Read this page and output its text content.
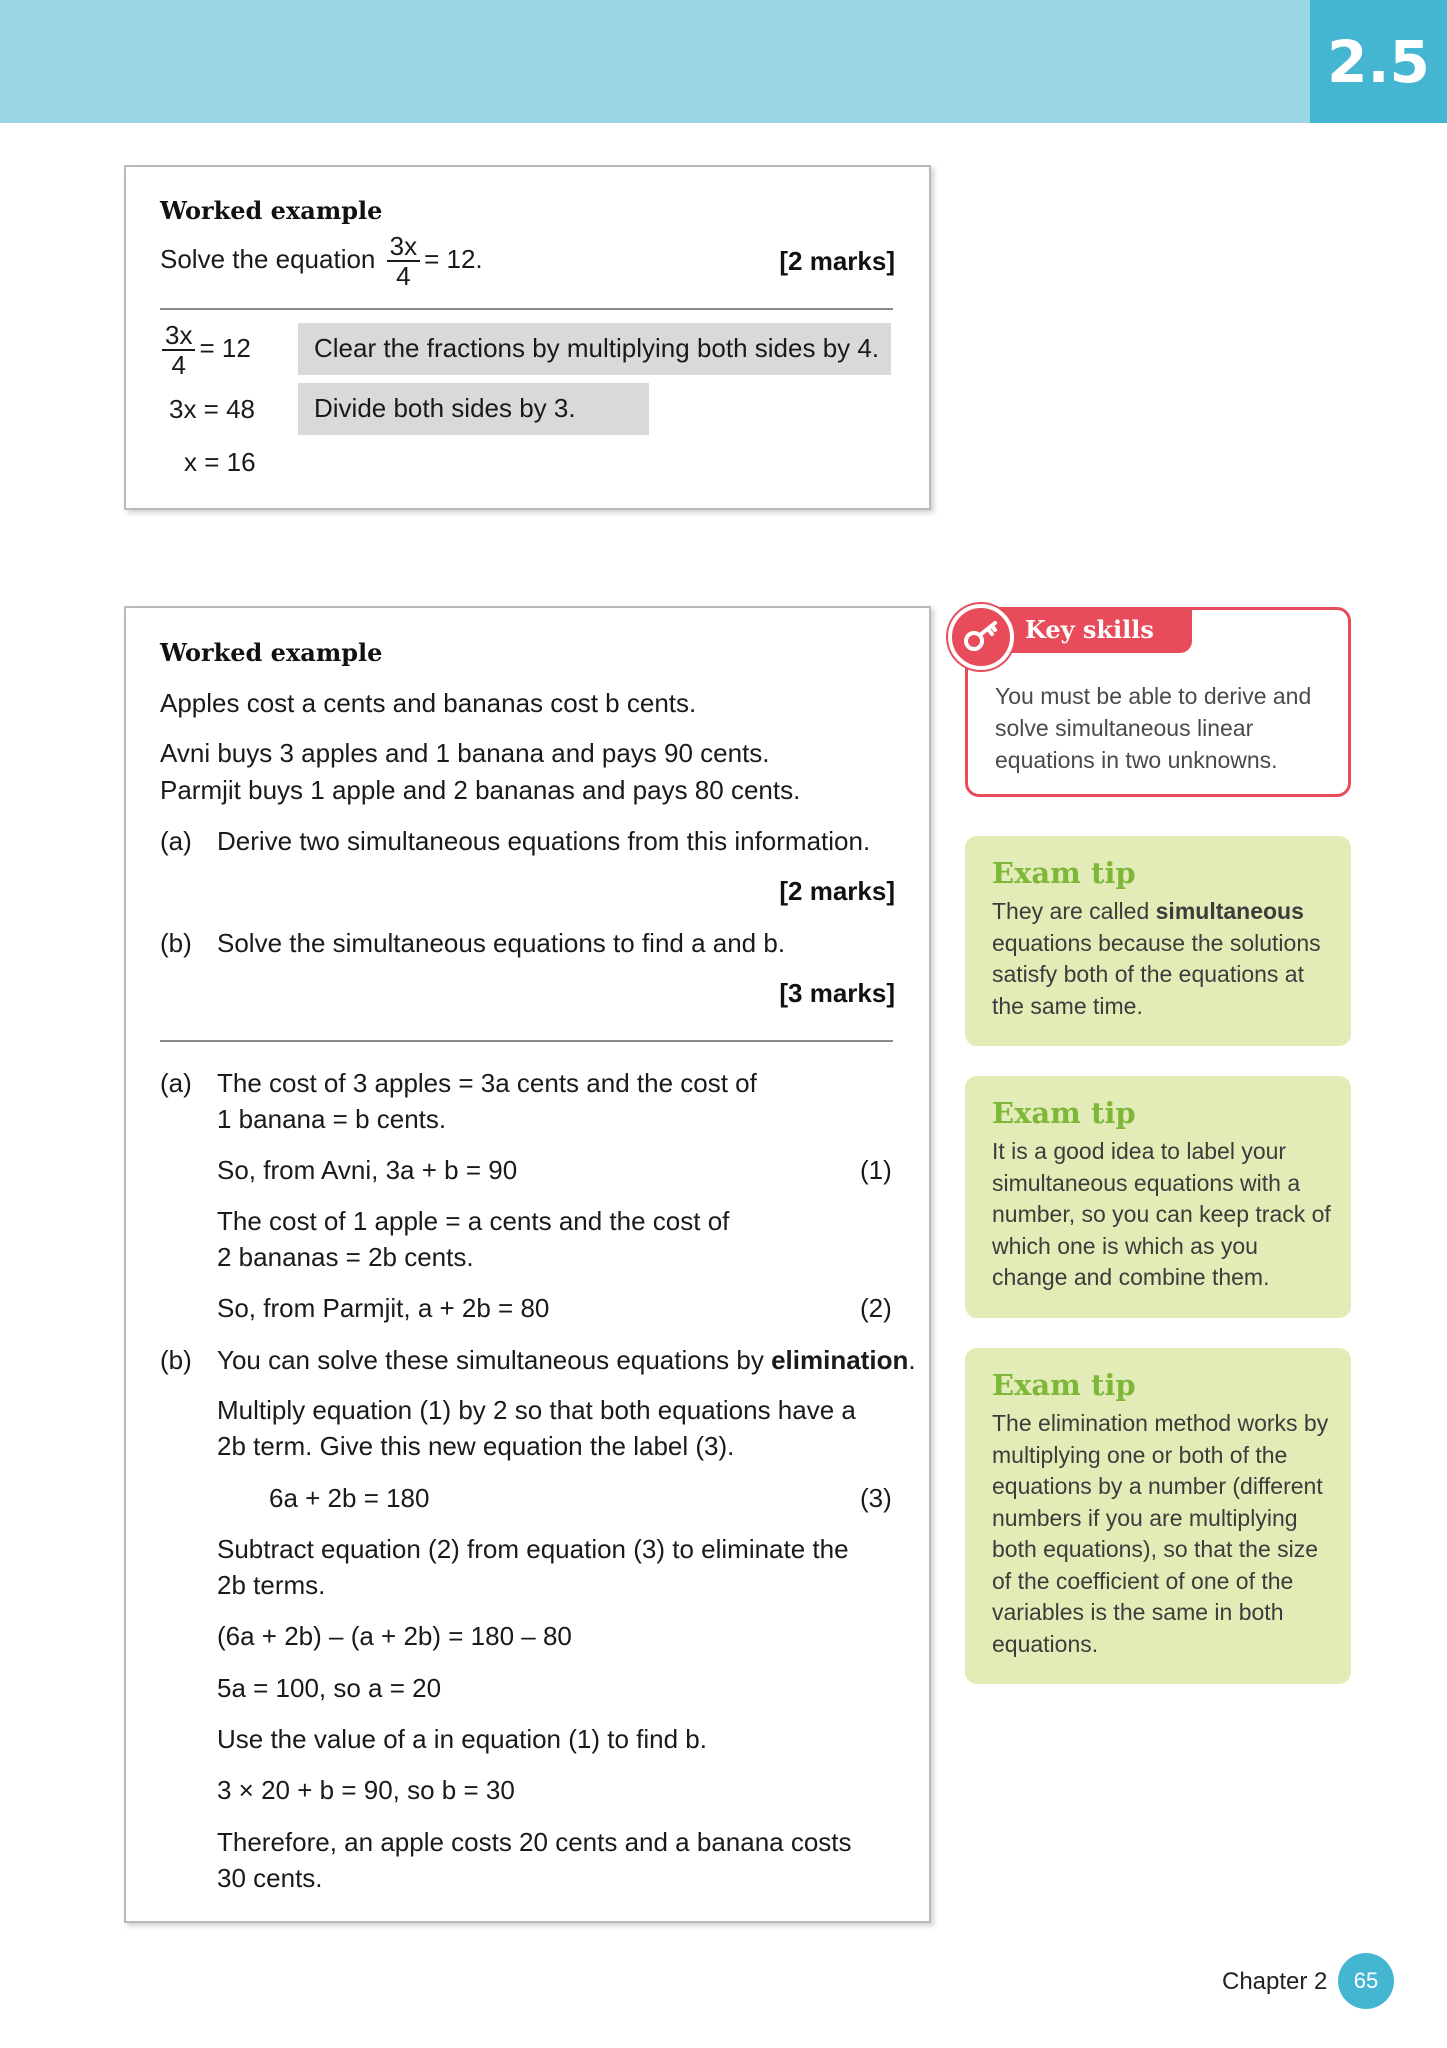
2.5
Worked example
Solve the equation $\frac{3x}{4} = 12$.	[2 marks]
$\frac{3x}{4} = 12$	Clear the fractions by multiplying both sides by 4.
3x = 48	Divide both sides by 3.
x = 16
Worked example
Apples cost a cents and bananas cost b cents.
Avni buys 3 apples and 1 banana and pays 90 cents.
Parmjit buys 1 apple and 2 bananas and pays 80 cents.
(a) Derive two simultaneous equations from this information.
[2 marks]
(b) Solve the simultaneous equations to find a and b.
[3 marks]
(a) The cost of 3 apples = 3a cents and the cost of
1 banana = b cents.
So, from Avni, 3a + b = 90	(1)
The cost of 1 apple = a cents and the cost of
2 bananas = 2b cents.
So, from Parmjit, a + 2b = 80	(2)
(b) You can solve these simultaneous equations by elimination.
Multiply equation (1) by 2 so that both equations have a
2b term. Give this new equation the label (3).
6a + 2b = 180	(3)
Subtract equation (2) from equation (3) to eliminate the
2b terms.
(6a + 2b) – (a + 2b) = 180 – 80
5a = 100, so a = 20
Use the value of a in equation (1) to find b.
3 × 20 + b = 90, so b = 30
Therefore, an apple costs 20 cents and a banana costs
30 cents.
Key skills
You must be able to derive and solve simultaneous linear equations in two unknowns.
Exam tip
They are called simultaneous equations because the solutions satisfy both of the equations at the same time.
Exam tip
It is a good idea to label your simultaneous equations with a number, so you can keep track of which one is which as you change and combine them.
Exam tip
The elimination method works by multiplying one or both of the equations by a number (different numbers if you are multiplying both equations), so that the size of the coefficient of one of the variables is the same in both equations.
Chapter 2	65
